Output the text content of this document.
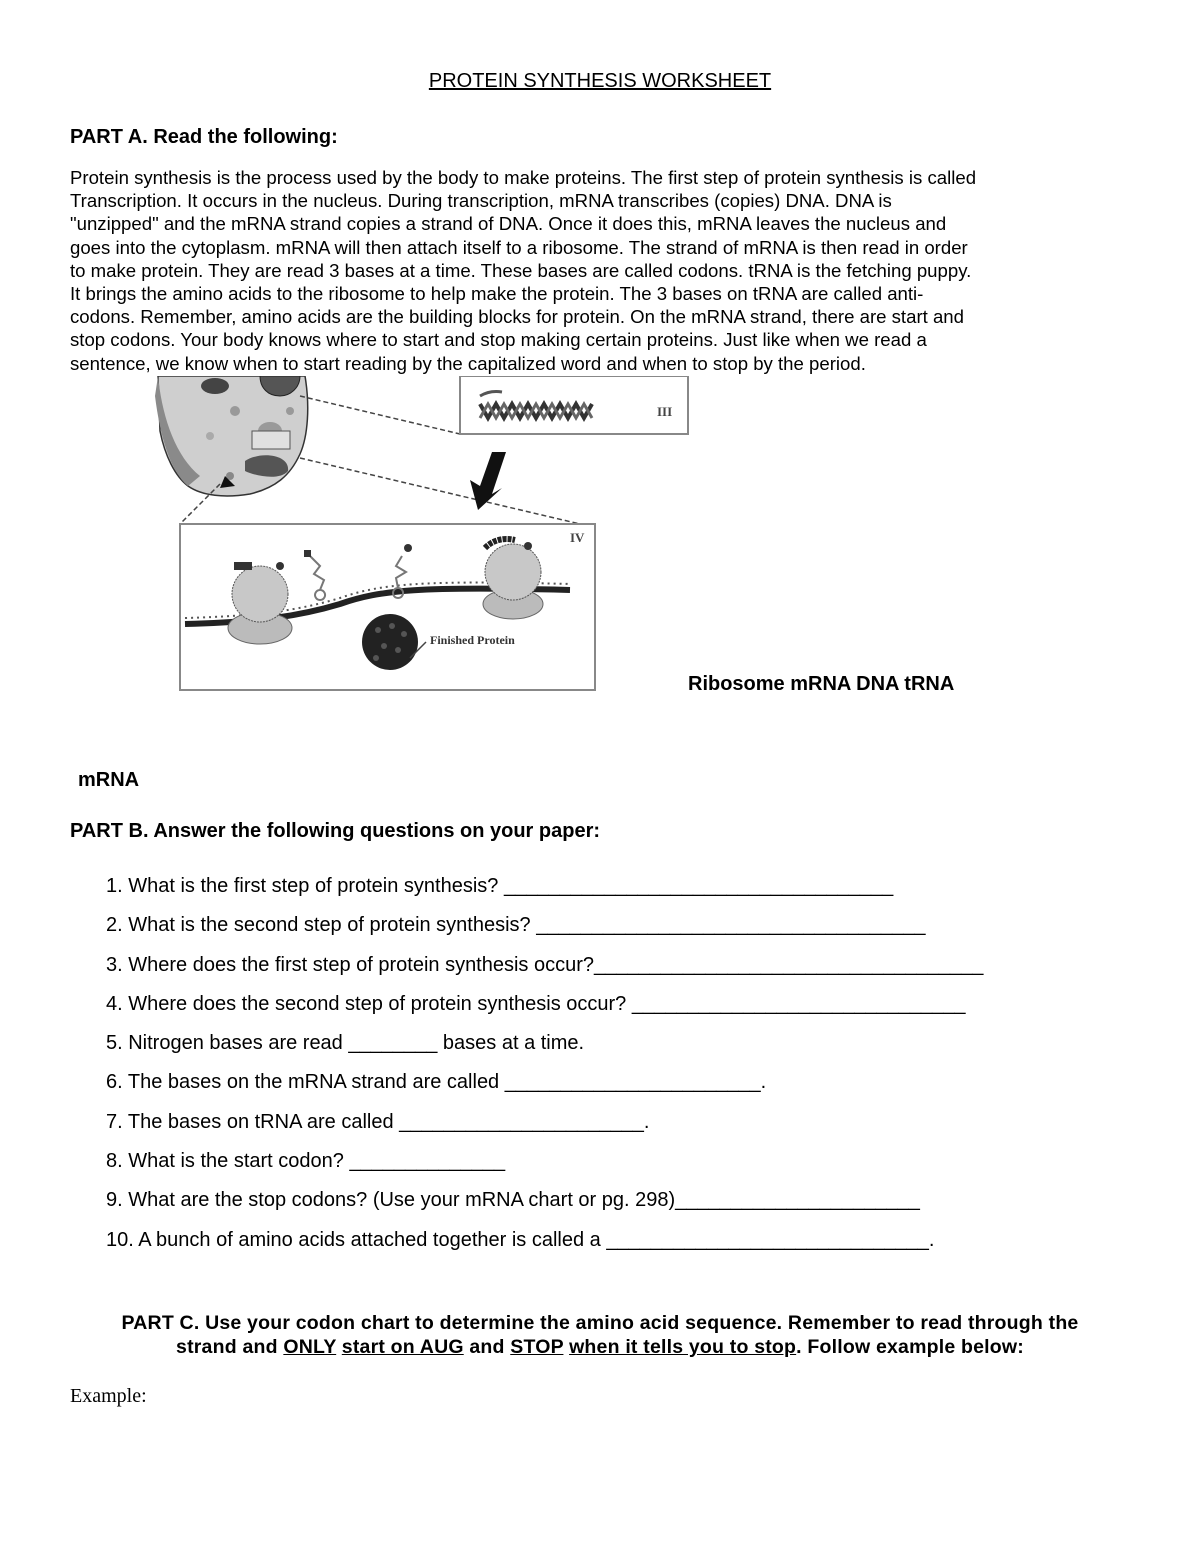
PROTEIN SYNTHESIS WORKSHEET
PART A. Read the following:
Protein synthesis is the process used by the body to make proteins. The first step of protein synthesis is called
Transcription. It occurs in the nucleus. During transcription, mRNA transcribes (copies) DNA. DNA is
"unzipped" and the mRNA strand copies a strand of DNA. Once it does this, mRNA leaves the nucleus and
goes into the cytoplasm. mRNA will then attach itself to a ribosome. The strand of mRNA is then read in order
to make protein. They are read 3 bases at a time. These bases are called codons. tRNA is the fetching puppy.
It brings the amino acids to the ribosome to help make the protein. The 3 bases on tRNA are called anti-
codons. Remember, amino acids are the building blocks for protein. On the mRNA strand, there are start and
stop codons. Your body knows where to start and stop making certain proteins. Just like when we read a
sentence, we know when to start reading by the capitalized word and when to stop by the period.
III
IV
Finished Protein
Ribosome mRNA DNA tRNA
mRNA
PART B. Answer the following questions on your paper:
1. What is the first step of protein synthesis? ___________________________________
2. What is the second step of protein synthesis? ___________________________________
3. Where does the first step of protein synthesis occur?___________________________________
4. Where does the second step of protein synthesis occur? ______________________________
5. Nitrogen bases are read ________ bases at a time.
6. The bases on the mRNA strand are called _______________________.
7. The bases on tRNA are called ______________________.
8. What is the start codon? ______________
9. What are the stop codons? (Use your mRNA chart or pg. 298)______________________
10. A bunch of amino acids attached together is called a _____________________________.
PART C. Use your codon chart to determine the amino acid sequence. Remember to read through the
strand and ONLY start on AUG and STOP when it tells you to stop. Follow example below:
Example:
